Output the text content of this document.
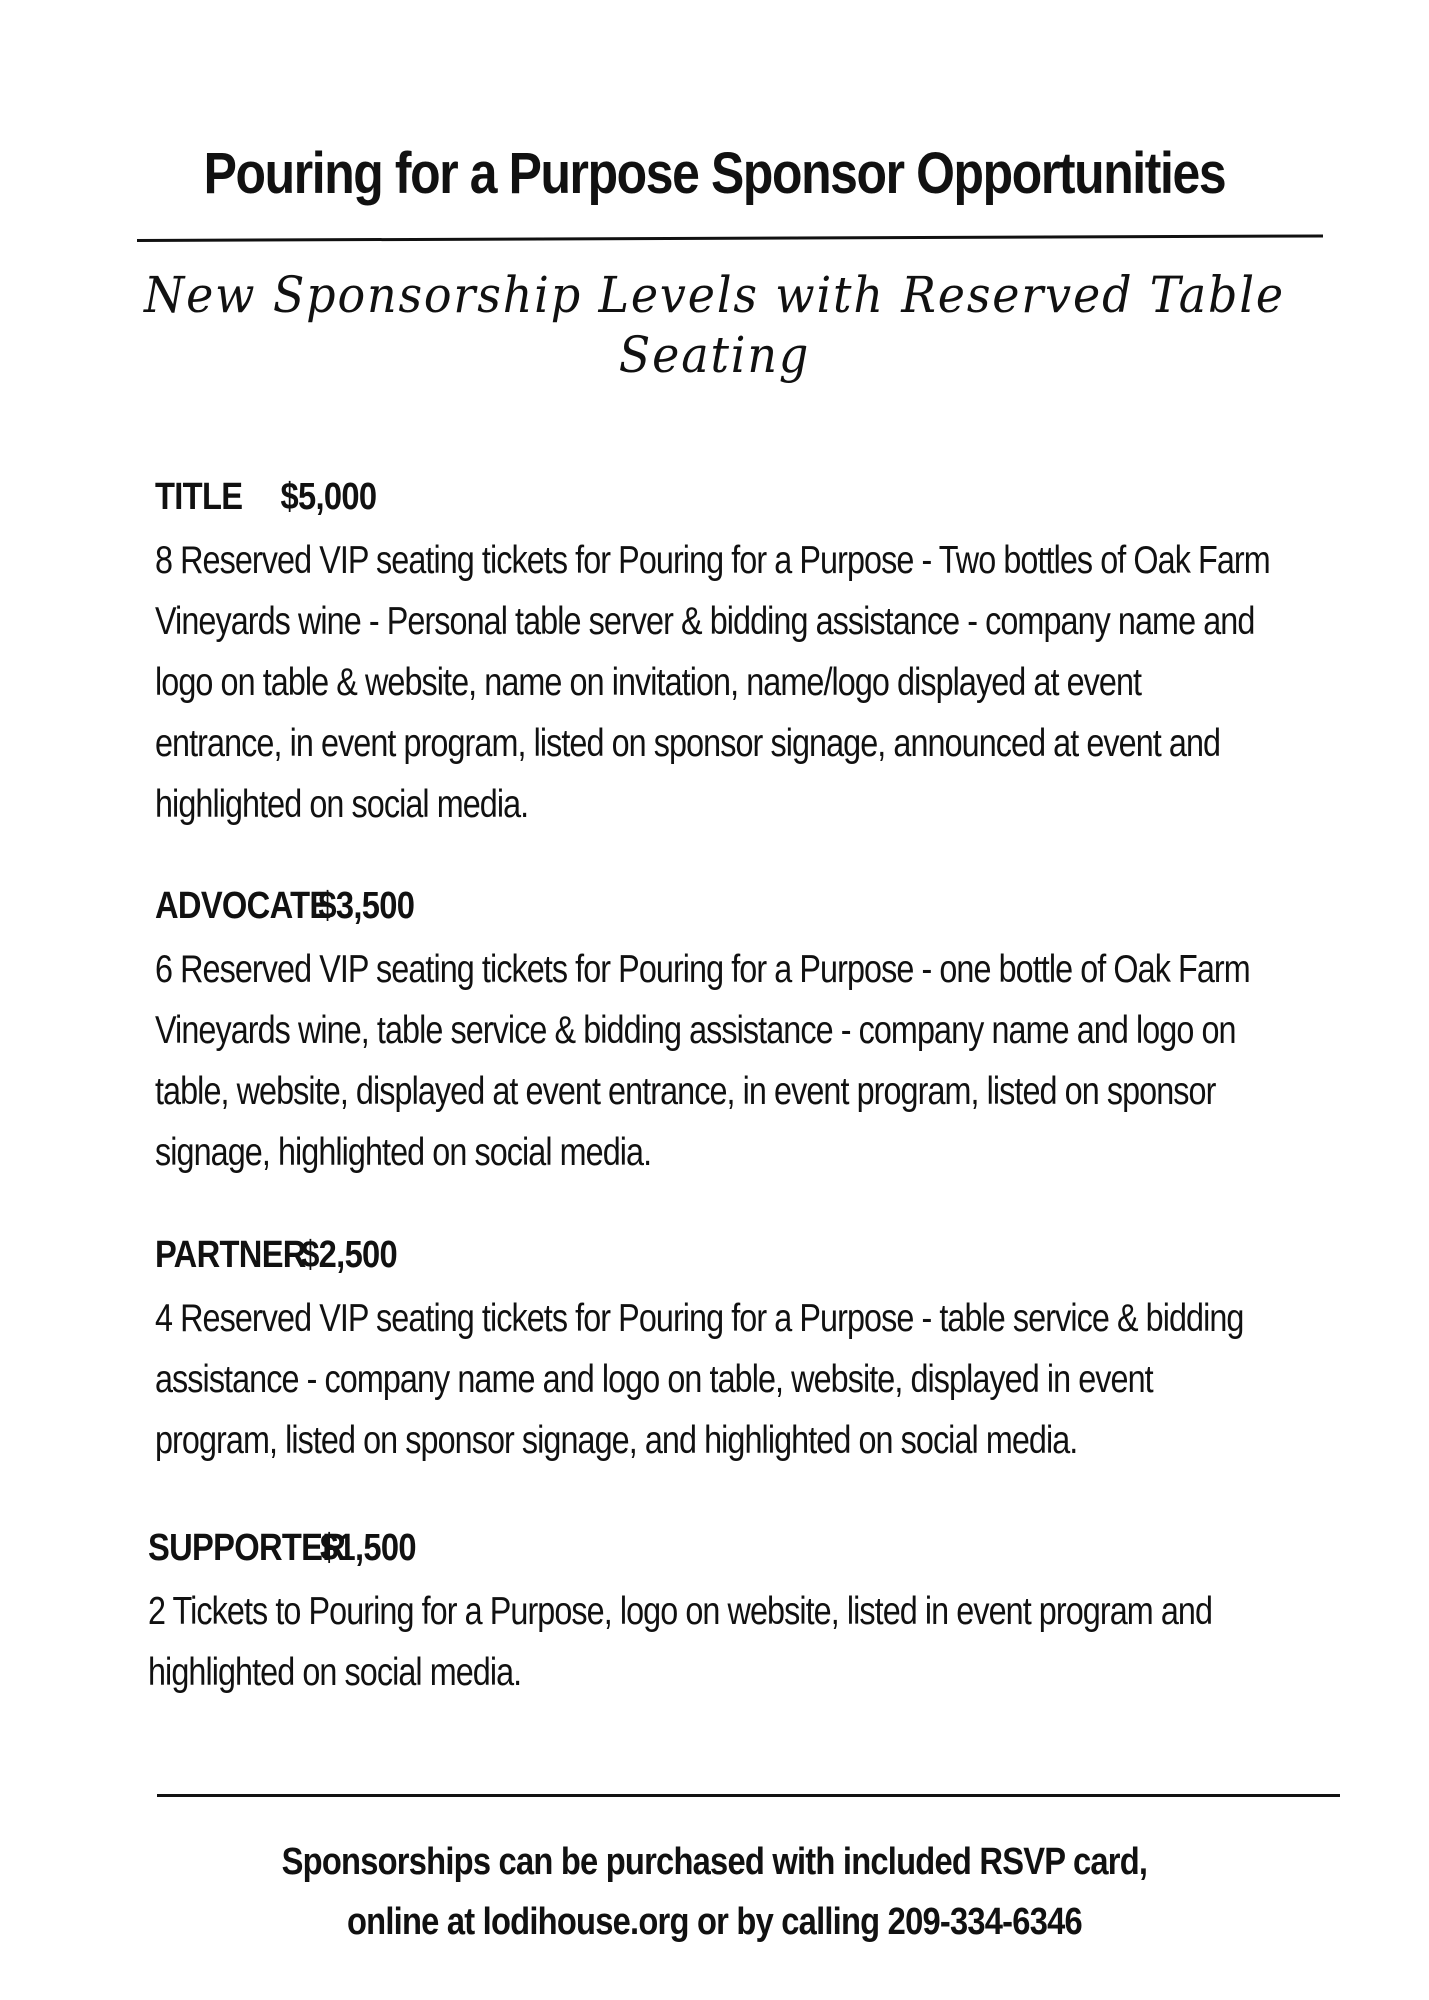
Pouring for a Purpose Sponsor Opportunities
New Sponsorship Levels with Reserved Table Seating
TITLE $5,000
8 Reserved VIP seating tickets for Pouring for a Purpose - Two bottles of Oak Farm
Vineyards wine - Personal table server & bidding assistance - company name and
logo on table & website, name on invitation, name/logo displayed at event
entrance, in event program, listed on sponsor signage, announced at event and
highlighted on social media.
ADVOCATE$3,500
6 Reserved VIP seating tickets for Pouring for a Purpose - one bottle of Oak Farm
Vineyards wine, table service & bidding assistance - company name and logo on
table, website, displayed at event entrance, in event program, listed on sponsor
signage, highlighted on social media.
PARTNER$2,500
4 Reserved VIP seating tickets for Pouring for a Purpose - table service & bidding
assistance - company name and logo on table, website, displayed in event
program, listed on sponsor signage, and highlighted on social media.
SUPPORTER$1,500
2 Tickets to Pouring for a Purpose, logo on website, listed in event program and
highlighted on social media.
Sponsorships can be purchased with included RSVP card,
online at lodihouse.org or by calling 209-334-6346
